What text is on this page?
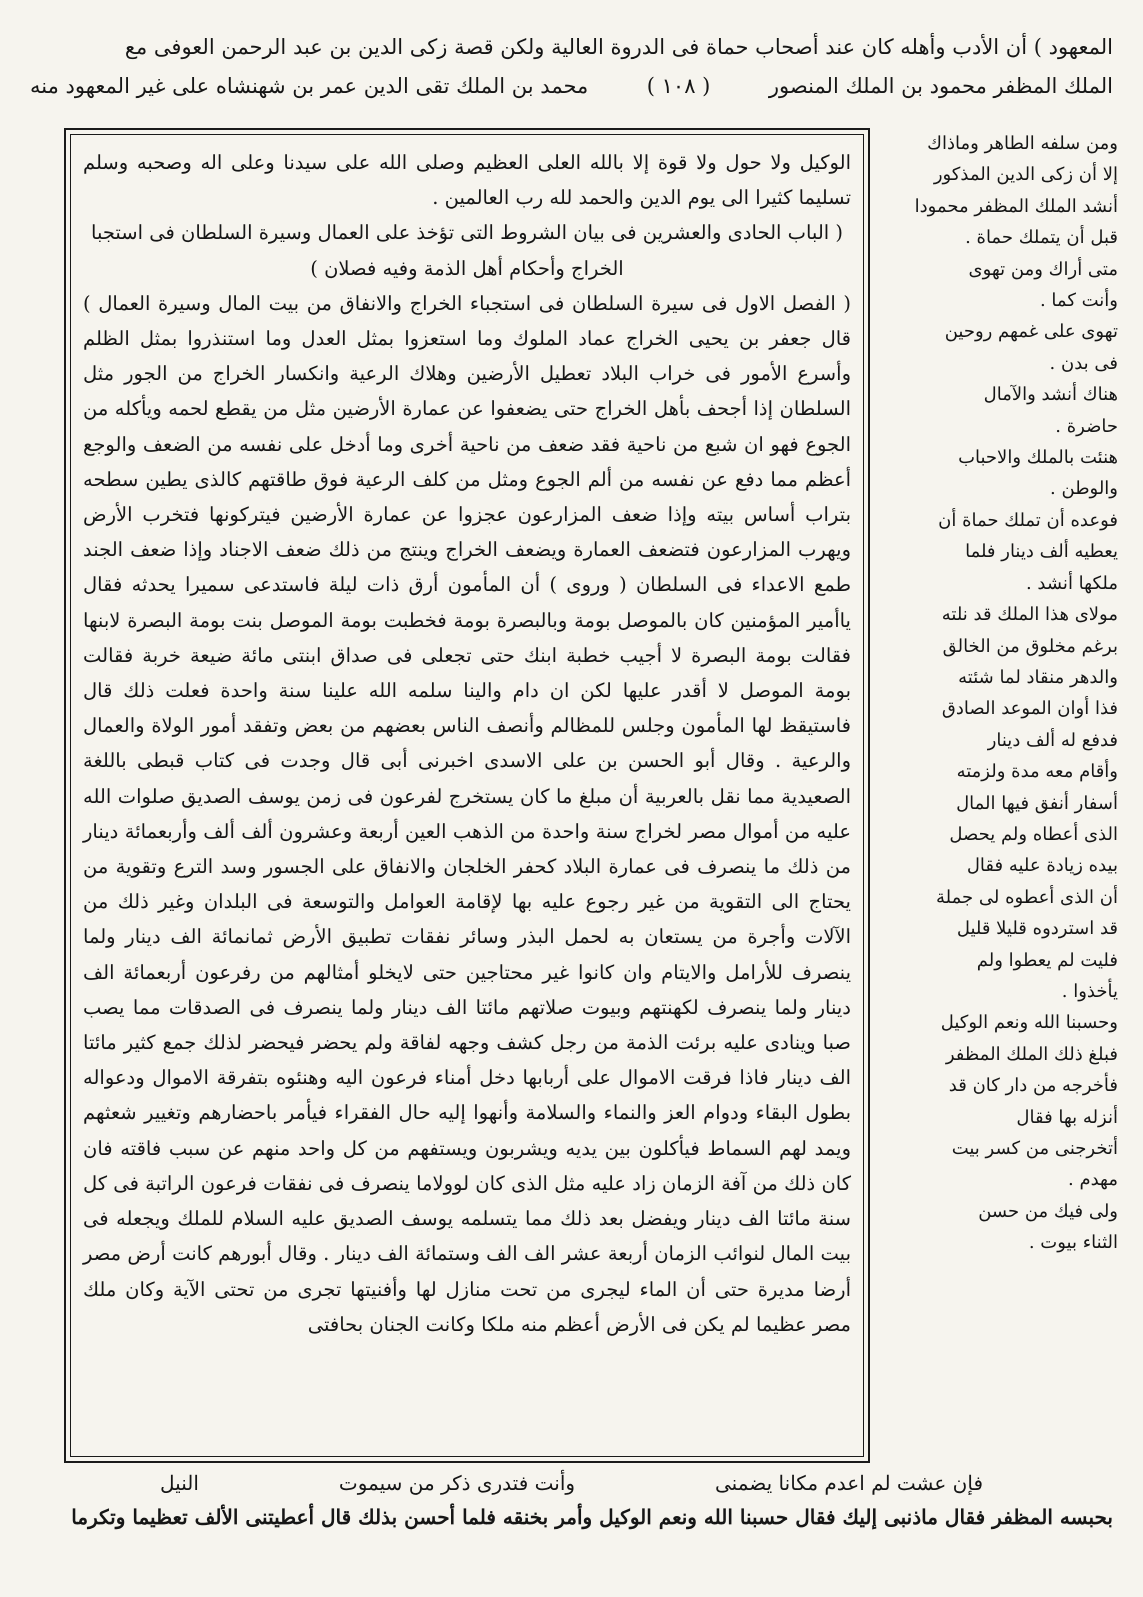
المعهود ) أن الأدب وأهله كان عند أصحاب حماة فى الدروة العالية ولكن قصة زكى الدين بن عبد الرحمن العوفى مع
الملك المظفر محمود بن الملك المنصور
( ١٠٨ )
محمد بن الملك تقى الدين عمر بن شهنشاه على غير المعهود منه

الوكيل ولا حول ولا قوة إلا بالله العلى العظيم وصلى الله على سيدنا وعلى اله وصحبه وسلم تسليما كثيرا الى يوم الدين والحمد لله رب العالمين .

( الباب الحادى والعشرين فى بيان الشروط التى تؤخذ على العمال وسيرة السلطان فى استجبا الخراج وأحكام أهل الذمة وفيه فصلان )

( الفصل الاول فى سيرة السلطان فى استجباء الخراج والانفاق من بيت المال وسيرة العمال ) قال جعفر بن يحيى الخراج عماد الملوك وما استعزوا بمثل العدل وما استنذروا بمثل الظلم وأسرع الأمور فى خراب البلاد تعطيل الأرضين وهلاك الرعية وانكسار الخراج من الجور مثل السلطان إذا أجحف بأهل الخراج حتى يضعفوا عن عمارة الأرضين مثل من يقطع لحمه ويأكله من الجوع فهو ان شبع من ناحية فقد ضعف من ناحية أخرى وما أدخل على نفسه من الضعف والوجع أعظم مما دفع عن نفسه من ألم الجوع ومثل من كلف الرعية فوق طاقتهم كالذى يطين سطحه بتراب أساس بيته وإذا ضعف المزارعون عجزوا عن عمارة الأرضين فيتركونها فتخرب الأرض ويهرب المزارعون فتضعف العمارة ويضعف الخراج وينتج من ذلك ضعف الاجناد وإذا ضعف الجند طمع الاعداء فى السلطان ( وروى ) أن المأمون أرق ذات ليلة فاستدعى سميرا يحدثه فقال ياأمير المؤمنين كان بالموصل بومة وبالبصرة بومة فخطبت بومة الموصل بنت بومة البصرة لابنها فقالت بومة البصرة لا أجيب خطبة ابنك حتى تجعلى فى صداق ابنتى مائة ضيعة خربة فقالت بومة الموصل لا أقدر عليها لكن ان دام والينا سلمه الله علينا سنة واحدة فعلت ذلك قال فاستيقظ لها المأمون وجلس للمظالم وأنصف الناس بعضهم من بعض وتفقد أمور الولاة والعمال والرعية . وقال أبو الحسن بن على الاسدى اخبرنى أبى قال وجدت فى كتاب قبطى باللغة الصعيدية مما نقل بالعربية أن مبلغ ما كان يستخرج لفرعون فى زمن يوسف الصديق صلوات الله عليه من أموال مصر لخراج سنة واحدة من الذهب العين أربعة وعشرون ألف ألف وأربعمائة دينار من ذلك ما ينصرف فى عمارة البلاد كحفر الخلجان والانفاق على الجسور وسد الترع وتقوية من يحتاج الى التقوية من غير رجوع عليه بها لإقامة العوامل والتوسعة فى البلدان وغير ذلك من الآلات وأجرة من يستعان به لحمل البذر وسائر نفقات تطبيق الأرض ثمانمائة الف دينار ولما ينصرف للأرامل والايتام وان كانوا غير محتاجين حتى لايخلو أمثالهم من رفرعون أربعمائة الف دينار ولما ينصرف لكهنتهم وبيوت صلاتهم مائتا الف دينار ولما ينصرف فى الصدقات مما يصب صبا وينادى عليه برئت الذمة من رجل كشف وجهه لفاقة ولم يحضر فيحضر لذلك جمع كثير مائتا الف دينار فاذا فرقت الاموال على أربابها دخل أمناء فرعون اليه وهنئوه بتفرقة الاموال ودعواله بطول البقاء ودوام العز والنماء والسلامة وأنهوا إليه حال الفقراء فيأمر باحضارهم وتغيير شعثهم ويمد لهم السماط فيأكلون بين يديه ويشربون ويستفهم من كل واحد منهم عن سبب فاقته فان كان ذلك من آفة الزمان زاد عليه مثل الذى كان لوولاما ينصرف فى نفقات فرعون الراتبة فى كل سنة مائتا الف دينار ويفضل بعد ذلك مما يتسلمه يوسف الصديق عليه السلام للملك ويجعله فى بيت المال لنوائب الزمان أربعة عشر الف الف وستمائة الف دينار . وقال أبورهم كانت أرض مصر أرضا مديرة حتى أن الماء ليجرى من تحت منازل لها وأفنيتها تجرى من تحتى الآية وكان ملك مصر عظيما لم يكن فى الأرض أعظم منه ملكا وكانت الجنان بحافتى

ومن سلفه الطاهر وماذاك

إلا أن زكى الدين المذكور

أنشد الملك المظفر محمودا

قبل أن يتملك حماة .

متى أراك ومن تهوى

وأنت كما .

تهوى على غمهم روحين

فى بدن .

هناك أنشد والآمال

حاضرة .

هنئت بالملك والاحباب

والوطن .

فوعده أن تملك حماة أن

يعطيه ألف دينار فلما

ملكها أنشد .

مولاى هذا الملك قد نلته

برغم مخلوق من الخالق

والدهر منقاد لما شئته

فذا أوان الموعد الصادق

فدفع له ألف دينار

وأقام معه مدة ولزمته

أسفار أنفق فيها المال

الذى أعطاه ولم يحصل

بيده زيادة عليه فقال

أن الذى أعطوه لى جملة

قد استردوه قليلا قليل

فليت لم يعطوا ولم

يأخذوا .

وحسبنا الله ونعم الوكيل

فبلغ ذلك الملك المظفر

فأخرجه من دار كان قد

أنزله بها فقال

أتخرجنى من كسر بيت

مهدم .

ولى فيك من حسن

الثناء بيوت .

فإن عشت لم اعدم مكانا يضمنى
وأنت فتدرى ذكر من سيموت
النيل
بحبسه المظفر فقال ماذنبى إليك فقال حسبنا الله ونعم الوكيل وأمر بخنقه فلما أحسن بذلك قال أعطيتنى الألف تعظيما وتكرما
